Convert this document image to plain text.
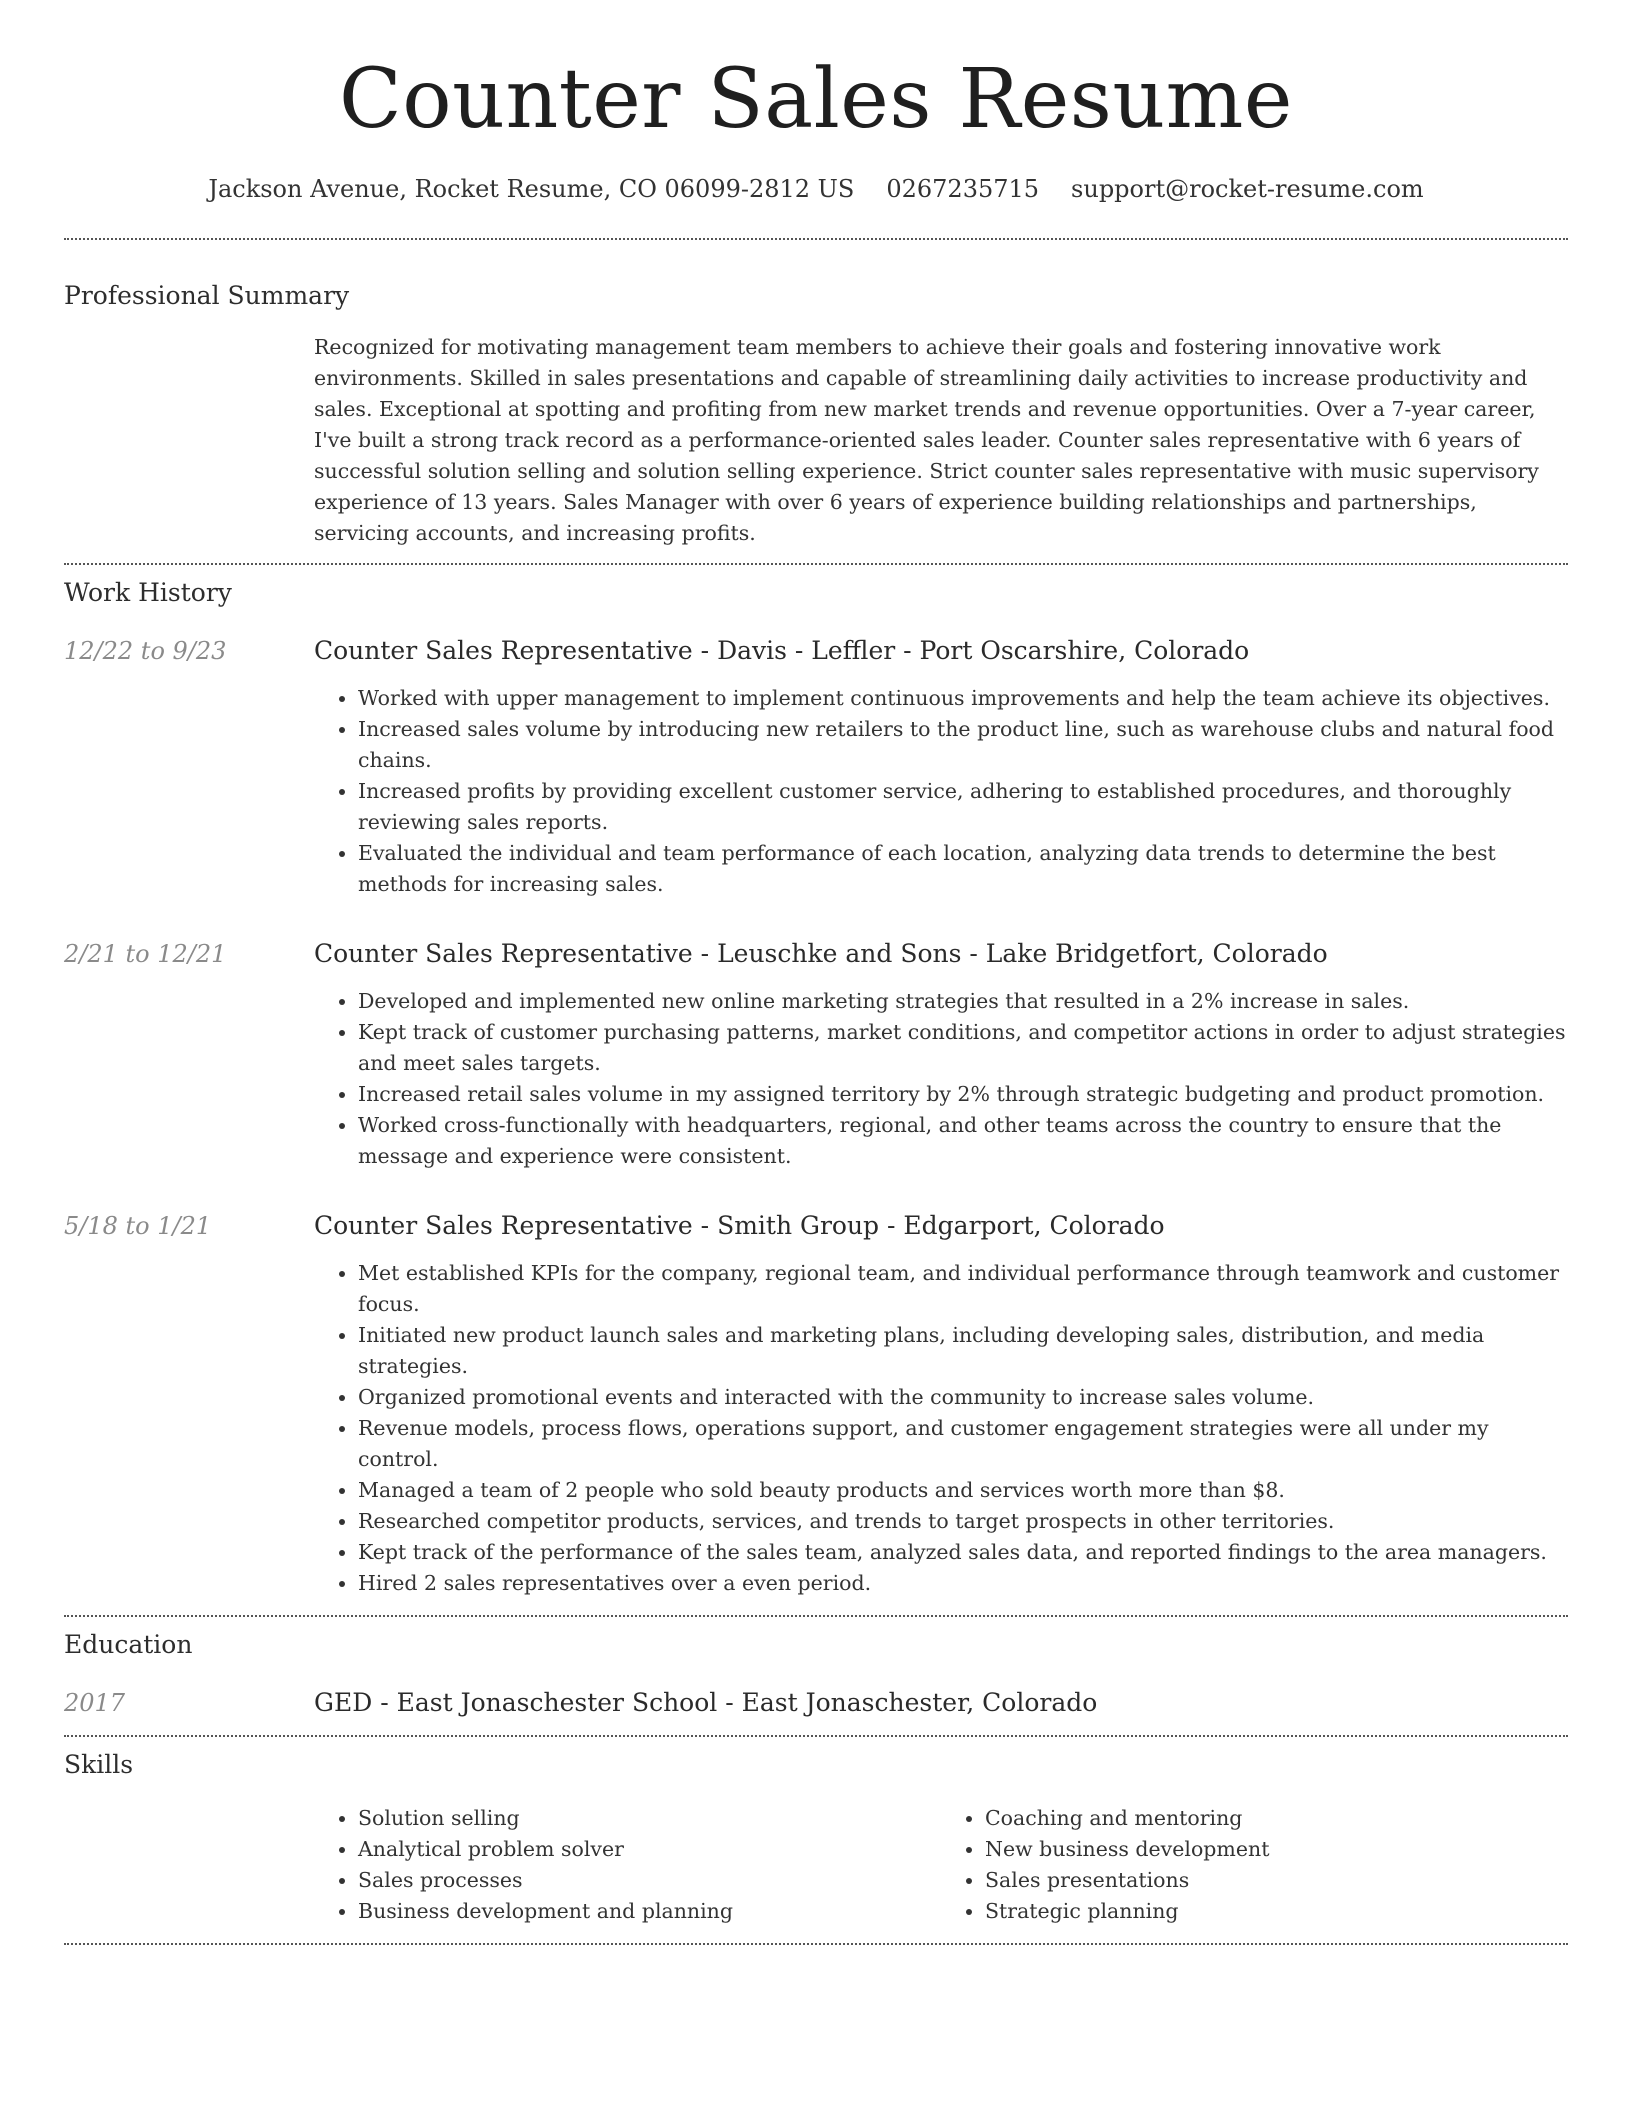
Counter Sales Resume
Jackson Avenue, Rocket Resume, CO 06099-2812 US 0267235715 support@rocket-resume.com
Professional Summary

Recognized for motivating management team members to achieve their goals and fostering innovative work environments. Skilled in sales presentations and capable of streamlining daily activities to increase productivity and sales. Exceptional at spotting and profiting from new market trends and revenue opportunities. Over a 7-year career, I've built a strong track record as a performance-oriented sales leader. Counter sales representative with 6 years of successful solution selling and solution selling experience. Strict counter sales representative with music supervisory experience of 13 years. Sales Manager with over 6 years of experience building relationships and partnerships, servicing accounts, and increasing profits.

Work History
12/22 to 9/23	Counter Sales Representative - Davis - Leffler - Port Oscarshire, Colorado
• Worked with upper management to implement continuous improvements and help the team achieve its objectives.
• Increased sales volume by introducing new retailers to the product line, such as warehouse clubs and natural food chains.
• Increased profits by providing excellent customer service, adhering to established procedures, and thoroughly reviewing sales reports.
• Evaluated the individual and team performance of each location, analyzing data trends to determine the best methods for increasing sales.
2/21 to 12/21	Counter Sales Representative - Leuschke and Sons - Lake Bridgetfort, Colorado
• Developed and implemented new online marketing strategies that resulted in a 2% increase in sales.
• Kept track of customer purchasing patterns, market conditions, and competitor actions in order to adjust strategies and meet sales targets.
• Increased retail sales volume in my assigned territory by 2% through strategic budgeting and product promotion.
• Worked cross-functionally with headquarters, regional, and other teams across the country to ensure that the message and experience were consistent.
5/18 to 1/21	Counter Sales Representative - Smith Group - Edgarport, Colorado
• Met established KPIs for the company, regional team, and individual performance through teamwork and customer focus.
• Initiated new product launch sales and marketing plans, including developing sales, distribution, and media strategies.
• Organized promotional events and interacted with the community to increase sales volume.
• Revenue models, process flows, operations support, and customer engagement strategies were all under my control.
• Managed a team of 2 people who sold beauty products and services worth more than $8.
• Researched competitor products, services, and trends to target prospects in other territories.
• Kept track of the performance of the sales team, analyzed sales data, and reported findings to the area managers.
• Hired 2 sales representatives over a even period.
Education
2017	GED - East Jonaschester School - East Jonaschester, Colorado
Skills
• Solution selling
• Analytical problem solver
• Sales processes
• Business development and planning
• Coaching and mentoring
• New business development
• Sales presentations
• Strategic planning
